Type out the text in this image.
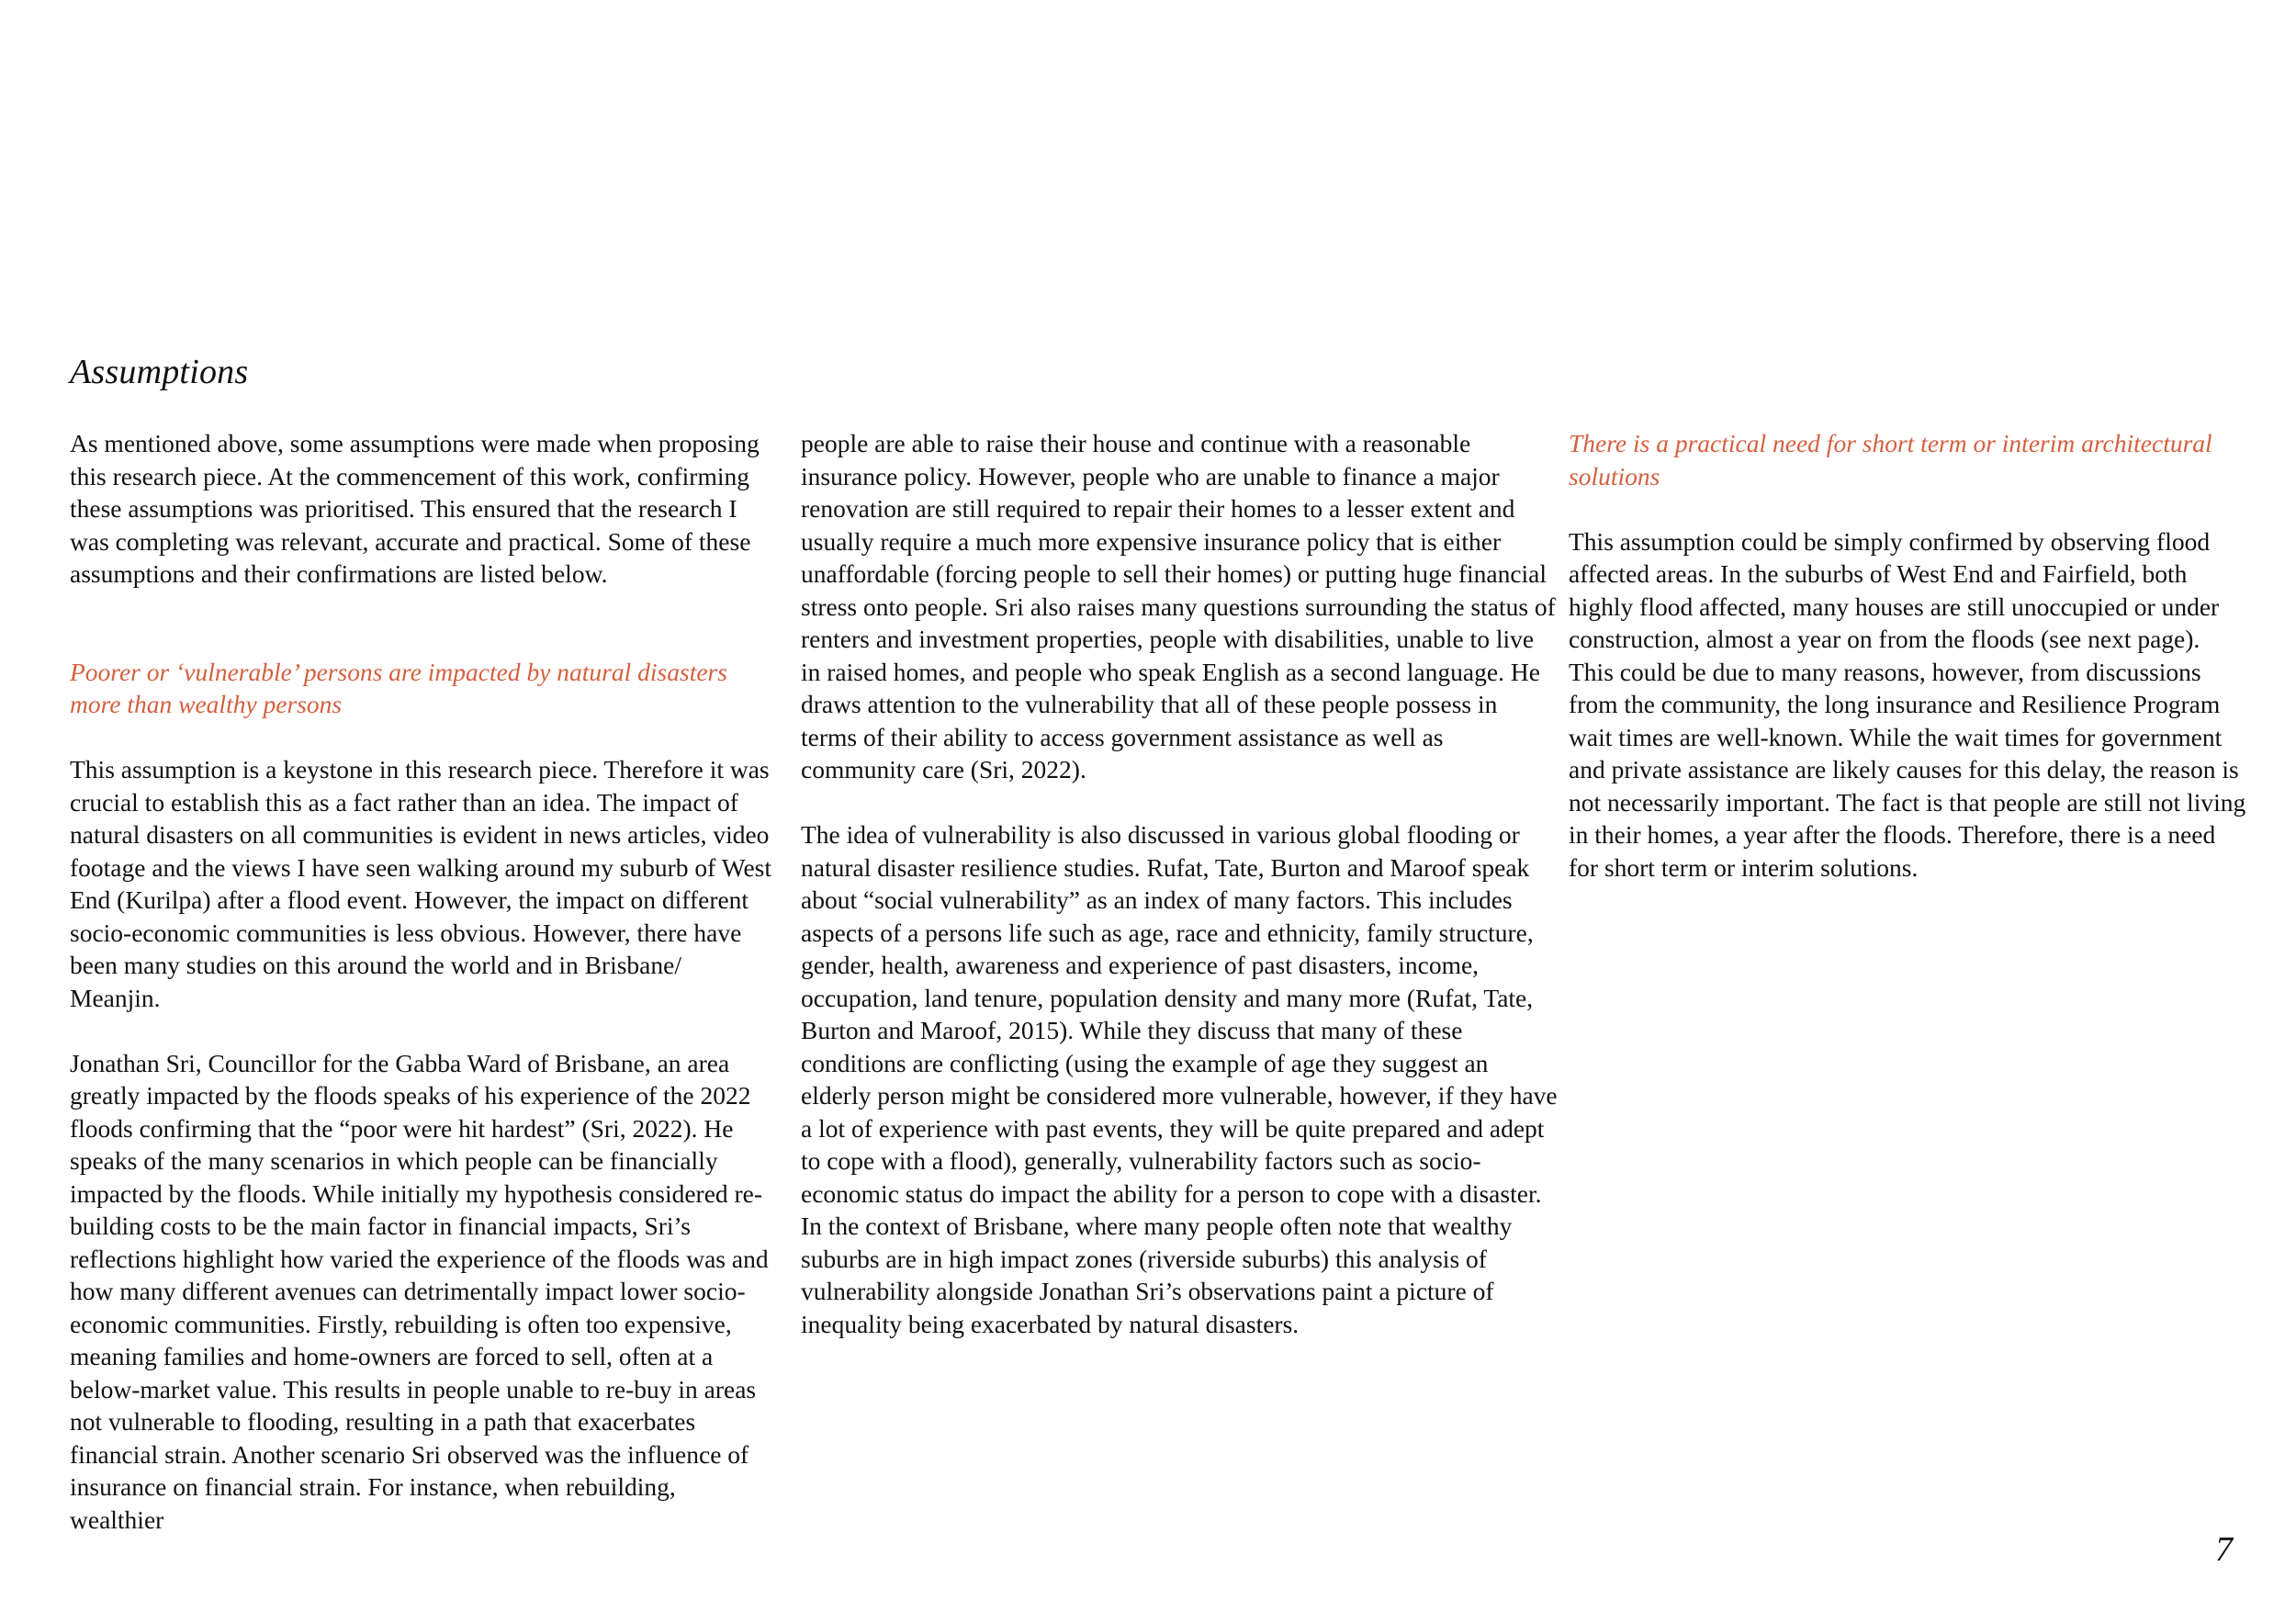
Assumptions

As mentioned above, some assumptions were made when proposing this research piece. At the commencement of this work, confirming these assumptions was prioritised. This ensured that the research I was completing was relevant, accurate and practical. Some of these assumptions and their confirmations are listed below.

Poorer or ‘vulnerable’ persons are impacted by natural disasters more than wealthy persons

This assumption is a keystone in this research piece. Therefore it was crucial to establish this as a fact rather than an idea. The impact of natural disasters on all communities is evident in news articles, video footage and the views I have seen walking around my suburb of West End (Kurilpa) after a flood event. However, the impact on different socio-economic communities is less obvious. However, there have been many studies on this around the world and in Brisbane/ Meanjin.

Jonathan Sri, Councillor for the Gabba Ward of Brisbane, an area greatly impacted by the floods speaks of his experience of the 2022 floods confirming that the “poor were hit hardest” (Sri, 2022). He speaks of the many scenarios in which people can be financially impacted by the floods. While initially my hypothesis considered re-building costs to be the main factor in financial impacts, Sri’s reflections highlight how varied the experience of the floods was and how many different avenues can detrimentally impact lower socio-economic communities. Firstly, rebuilding is often too expensive, meaning families and home-owners are forced to sell, often at a below-market value. This results in people unable to re-buy in areas not vulnerable to flooding, resulting in a path that exacerbates financial strain. Another scenario Sri observed was the influence of insurance on financial strain. For instance, when rebuilding, wealthier

people are able to raise their house and continue with a reasonable insurance policy. However, people who are unable to finance a major renovation are still required to repair their homes to a lesser extent and usually require a much more expensive insurance policy that is either unaffordable (forcing people to sell their homes) or putting huge financial stress onto people. Sri also raises many questions surrounding the status of renters and investment properties, people with disabilities, unable to live in raised homes, and people who speak English as a second language. He draws attention to the vulnerability that all of these people possess in terms of their ability to access government assistance as well as community care (Sri, 2022).

The idea of vulnerability is also discussed in various global flooding or natural disaster resilience studies. Rufat, Tate, Burton and Maroof speak about “social vulnerability” as an index of many factors. This includes aspects of a persons life such as age, race and ethnicity, family structure, gender, health, awareness and experience of past disasters, income, occupation, land tenure, population density and many more (Rufat, Tate, Burton and Maroof, 2015). While they discuss that many of these conditions are conflicting (using the example of age they suggest an elderly person might be considered more vulnerable, however, if they have a lot of experience with past events, they will be quite prepared and adept to cope with a flood), generally, vulnerability factors such as socio-economic status do impact the ability for a person to cope with a disaster. In the context of Brisbane, where many people often note that wealthy suburbs are in high impact zones (riverside suburbs) this analysis of vulnerability alongside Jonathan Sri’s observations paint a picture of inequality being exacerbated by natural disasters.

There is a practical need for short term or interim architectural solutions

This assumption could be simply confirmed by observing flood affected areas. In the suburbs of West End and Fairfield, both highly flood affected, many houses are still unoccupied or under construction, almost a year on from the floods (see next page). This could be due to many reasons, however, from discussions from the community, the long insurance and Resilience Program wait times are well-known. While the wait times for government and private assistance are likely causes for this delay, the reason is not necessarily important. The fact is that people are still not living in their homes, a year after the floods. Therefore, there is a need for short term or interim solutions.

7
